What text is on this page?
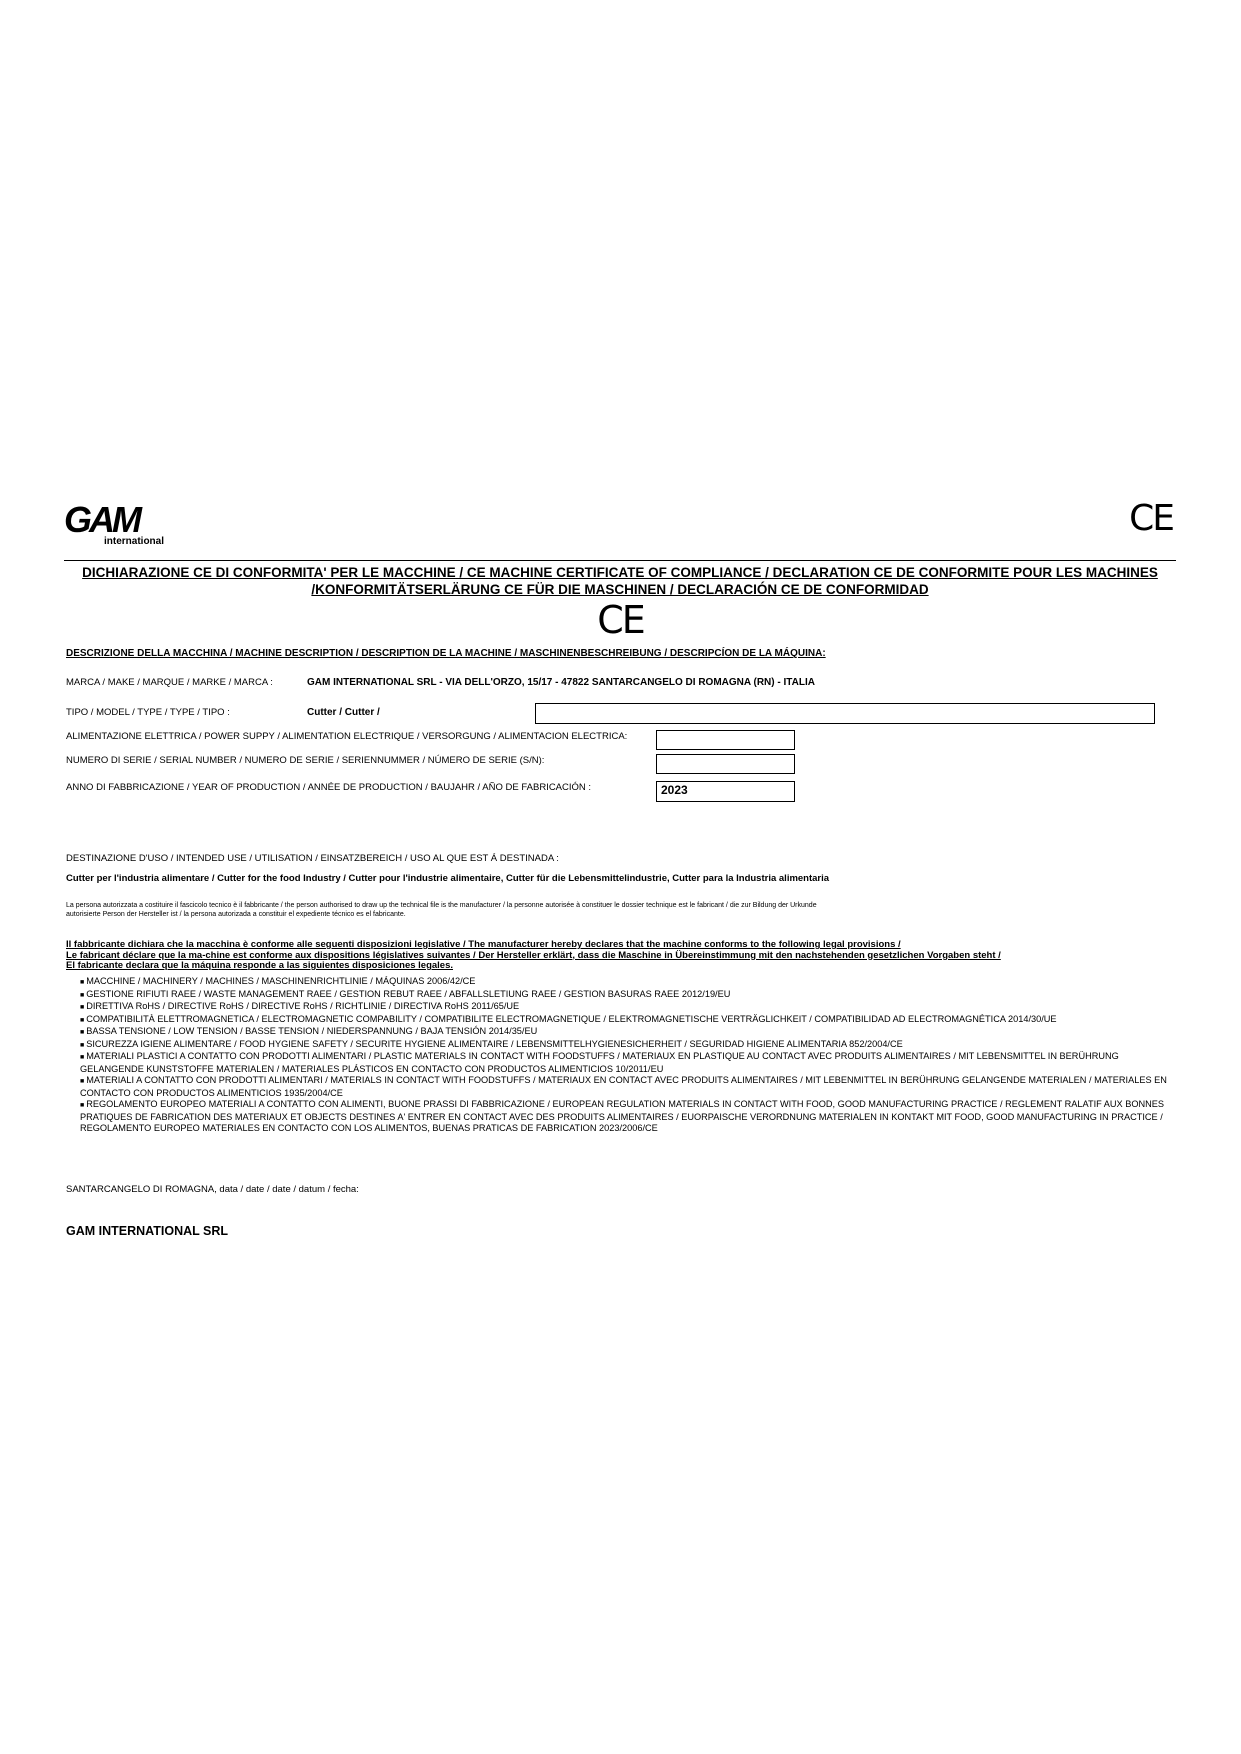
GAM
international
CE
DICHIARAZIONE CE DI CONFORMITA' PER LE MACCHINE / CE MACHINE CERTIFICATE OF COMPLIANCE / DECLARATION CE DE CONFORMITE POUR LES MACHINES
/KONFORMITÄTSERLÄRUNG CE FÜR DIE MASCHINEN / DECLARACIÓN CE DE CONFORMIDAD
CE
DESCRIZIONE DELLA MACCHINA / MACHINE DESCRIPTION / DESCRIPTION DE LA MACHINE / MASCHINENBESCHREIBUNG / DESCRIPCÍON DE LA MÁQUINA:
MARCA / MAKE / MARQUE / MARKE / MARCA :	GAM INTERNATIONAL SRL - VIA DELL'ORZO, 15/17 - 47822 SANTARCANGELO DI ROMAGNA (RN) - ITALIA
TIPO / MODEL / TYPE / TYPE / TIPO :	Cutter / Cutter /
ALIMENTAZIONE ELETTRICA / POWER SUPPY / ALIMENTATION ELECTRIQUE / VERSORGUNG / ALIMENTACION ELECTRICA:
NUMERO DI SERIE / SERIAL NUMBER / NUMERO DE SERIE / SERIENNUMMER / NÚMERO DE SERIE (S/N):
ANNO DI FABBRICAZIONE / YEAR OF PRODUCTION / ANNÉE DE PRODUCTION / BAUJAHR / AÑO DE FABRICACIÓN :	2023
DESTINAZIONE D'USO / INTENDED USE / UTILISATION / EINSATZBEREICH / USO AL QUE EST Á DESTINADA :
Cutter per l'industria alimentare / Cutter for the food Industry / Cutter pour l'industrie alimentaire, Cutter für die Lebensmittelindustrie, Cutter para la Industria alimentaria
La persona autorizzata a costituire il fascicolo tecnico è il fabbricante / the person authorised to draw up the technical file is the manufacturer / la personne autorisée à constituer le dossier technique est le fabricant / die zur Bildung der Urkunde
autorisierte Person der Hersteller ist / la persona autorizada a constituir el expediente técnico es el fabricante.
Il fabbricante dichiara che la macchina è conforme alle seguenti disposizioni legislative / The manufacturer hereby declares that the machine conforms to the following legal provisions /
Le fabricant déclare que la ma-chine est conforme aux dispositions législatives suivantes / Der Hersteller erklärt, dass die Maschine in Übereinstimmung mit den nachstehenden gesetzlichen Vorgaben steht /
El fabricante declara que la máquina responde a las siguientes disposiciones legales.
■ MACCHINE / MACHINERY / MACHINES / MASCHINENRICHTLINIE / MÁQUINAS 2006/42/CE
■ GESTIONE RIFIUTI RAEE / WASTE MANAGEMENT RAEE / GESTION REBUT RAEE / ABFALLSLETIUNG RAEE / GESTION BASURAS RAEE 2012/19/EU
■ DIRETTIVA RoHS / DIRECTIVE RoHS / DIRECTIVE RoHS / RICHTLINIE / DIRECTIVA RoHS 2011/65/UE
■ COMPATIBILITÀ ELETTROMAGNETICA / ELECTROMAGNETIC COMPABILITY / COMPATIBILITE ELECTROMAGNETIQUE / ELEKTROMAGNETISCHE VERTRÄGLICHKEIT / COMPATIBILIDAD AD ELECTROMAGNÉTICA 2014/30/UE
■ BASSA TENSIONE / LOW TENSION / BASSE TENSION / NIEDERSPANNUNG / BAJA TENSIÓN 2014/35/EU
■ SICUREZZA IGIENE ALIMENTARE / FOOD HYGIENE SAFETY / SECURITE HYGIENE ALIMENTAIRE / LEBENSMITTELHYGIENESICHERHEIT / SEGURIDAD HIGIENE ALIMENTARIA 852/2004/CE
■ MATERIALI PLASTICI A CONTATTO CON PRODOTTI ALIMENTARI / PLASTIC MATERIALS IN CONTACT WITH FOODSTUFFS / MATERIAUX EN PLASTIQUE AU CONTACT AVEC PRODUITS ALIMENTAIRES / MIT LEBENSMITTEL IN BERÜHRUNG GELANGENDE KUNSTSTOFFE MATERIALEN / MATERIALES PLÁSTICOS EN CONTACTO CON PRODUCTOS ALIMENTICIOS 10/2011/EU
■ MATERIALI A CONTATTO CON PRODOTTI ALIMENTARI / MATERIALS IN CONTACT WITH FOODSTUFFS / MATERIAUX EN CONTACT AVEC PRODUITS ALIMENTAIRES / MIT LEBENMITTEL IN BERÜHRUNG GELANGENDE MATERIALEN / MATERIALES EN CONTACTO CON PRODUCTOS ALIMENTICIOS 1935/2004/CE
■ REGOLAMENTO EUROPEO MATERIALI A CONTATTO CON ALIMENTI, BUONE PRASSI DI FABBRICAZIONE / EUROPEAN REGULATION MATERIALS IN CONTACT WITH FOOD, GOOD MANUFACTURING PRACTICE / REGLEMENT RALATIF AUX BONNES PRATIQUES DE FABRICATION DES MATERIAUX ET OBJECTS DESTINES A' ENTRER EN CONTACT AVEC DES PRODUITS ALIMENTAIRES / EUORPAISCHE VERORDNUNG MATERIALEN IN KONTAKT MIT FOOD, GOOD MANUFACTURING IN PRACTICE / REGOLAMENTO EUROPEO MATERIALES EN CONTACTO CON LOS ALIMENTOS, BUENAS PRATICAS DE FABRICATION 2023/2006/CE
SANTARCANGELO DI ROMAGNA, data / date / date / datum / fecha:
GAM INTERNATIONAL SRL
